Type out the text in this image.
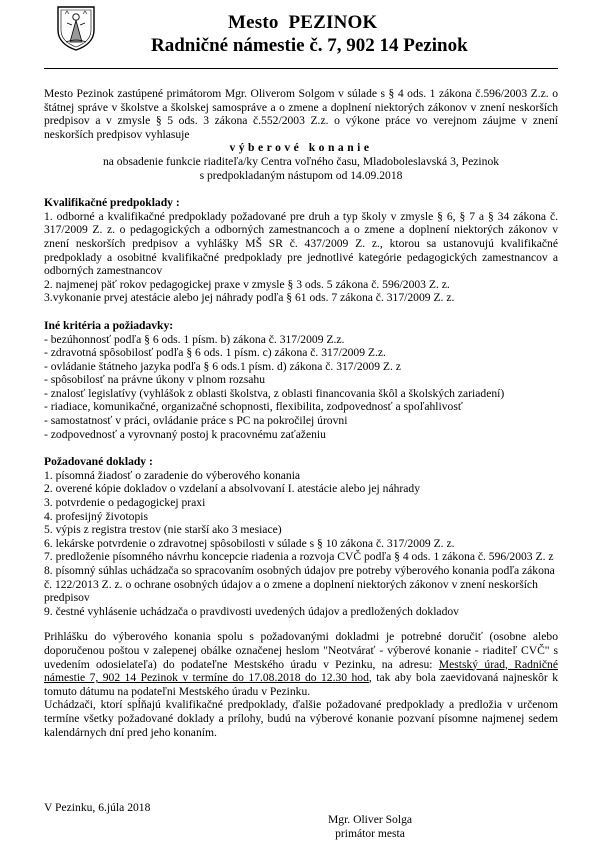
Mesto  PEZINOK
Radničné námestie č. 7, 902 14 Pezinok

Mesto Pezinok zastúpené primátorom Mgr. Oliverom Solgom v súlade s § 4 ods. 1 zákona č.596/2003 Z.z. o štátnej správe v školstve a školskej samospráve a o zmene a doplnení niektorých zákonov v znení neskorších predpisov a v zmysle § 5 ods. 3 zákona č.552/2003 Z.z. o výkone práce vo verejnom záujme v znení neskorších predpisov vyhlasuje

výberové konanie

na obsadenie funkcie riaditeľa/ky Centra voľného času, Mladoboleslavská 3, Pezinok

s predpokladaným nástupom od 14.09.2018

Kvalifikačné predpoklady :

1. odborné a kvalifikačné predpoklady požadované pre druh a typ školy v zmysle § 6, § 7 a § 34 zákona č. 317/2009 Z. z. o pedagogických a odborných zamestnancoch a o zmene a doplnení niektorých zákonov v znení neskorších predpisov a vyhlášky MŠ SR č. 437/2009 Z. z., ktorou sa ustanovujú kvalifikačné predpoklady a osobitné kvalifikačné predpoklady pre jednotlivé kategórie pedagogických zamestnancov a odborných zamestnancov

2. najmenej päť rokov pedagogickej praxe v zmysle § 3 ods. 5 zákona č. 596/2003 Z. z.

3.vykonanie prvej atestácie alebo jej náhrady podľa § 61 ods. 7 zákona č. 317/2009 Z. z.

Iné kritéria a požiadavky:

- bezúhonnosť podľa § 6 ods. 1 písm. b) zákona č. 317/2009 Z.z.

- zdravotná spôsobilosť podľa § 6 ods. 1 písm. c) zákona č. 317/2009 Z.z.

- ovládanie štátneho jazyka podľa § 6 ods.1 písm. d) zákona č. 317/2009 Z. z

- spôsobilosť na právne úkony v plnom rozsahu

- znalosť legislatívy (vyhlášok z oblasti školstva, z oblasti financovania škôl a školských zariadení)

- riadiace, komunikačné, organizačné schopnosti, flexibilita, zodpovednosť a spoľahlivosť

- samostatnosť v práci, ovládanie práce s PC na pokročilej úrovni

- zodpovednosť a vyrovnaný postoj k pracovnému zaťaženiu

Požadované doklady :

1. písomná žiadosť o zaradenie do výberového konania

2. overené kópie dokladov o vzdelaní a absolvovaní I. atestácie alebo jej náhrady

3. potvrdenie o pedagogickej praxi

4. profesijný životopis

5. výpis z registra trestov (nie starší ako 3 mesiace)

6. lekárske potvrdenie o zdravotnej spôsobilosti v súlade s § 10 zákona č. 317/2009 Z. z.

7. predloženie písomného návrhu koncepcie riadenia a rozvoja CVČ podľa § 4 ods. 1 zákona č. 596/2003 Z. z

8. písomný súhlas uchádzača so spracovaním osobných údajov pre potreby výberového konania podľa zákona č. 122/2013 Z. z. o ochrane osobných údajov a o zmene a doplnení niektorých zákonov v znení neskorších predpisov

9. čestné vyhlásenie uchádzača o pravdivosti uvedených údajov a predložených dokladov

Prihlášku do výberového konania spolu s požadovanými dokladmi je potrebné doručiť (osobne alebo doporučenou poštou v zalepenej obálke označenej heslom "Neotvárať - výberové konanie - riaditeľ CVČ" s uvedením odosielateľa) do podateľne Mestského úradu v Pezinku, na adresu: Mestský úrad, Radničné námestie 7, 902 14 Pezinok v termíne do 17.08.2018 do 12.30 hod, tak aby bola zaevidovaná najneskôr k tomuto dátumu na podateľni Mestského úradu v Pezinku.

Uchádzači, ktorí spĺňajú kvalifikačné predpoklady, ďalšie požadované predpoklady a predložia v určenom termíne všetky požadované doklady a prílohy, budú na výberové konanie pozvaní písomne najmenej sedem kalendárnych dní pred jeho konaním.

V Pezinku, 6.júla 2018
Mgr. Oliver Solga
primátor mesta
